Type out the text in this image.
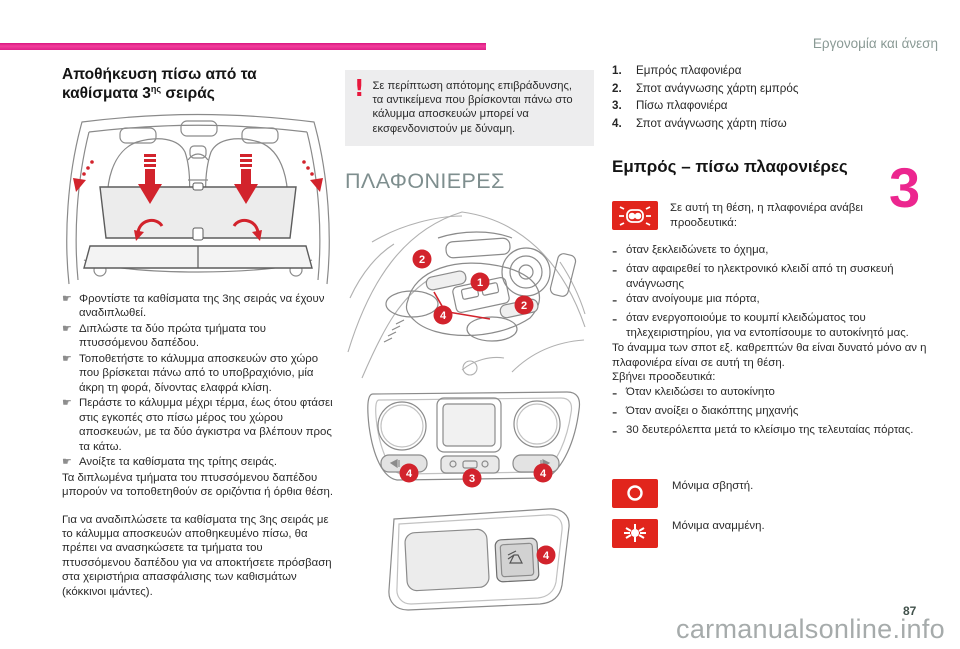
Εργονομία και άνεση
3
Αποθήκευση πίσω από τα καθίσματα $3^{\eta\varsigma}$ σειράς
☛ Φροντίστε τα καθίσματα της 3ης σειράς να έχουν αναδιπλωθεί.
☛ Διπλώστε τα δύο πρώτα τμήματα του πτυσσόμενου δαπέδου.
☛ Τοποθετήστε το κάλυμμα αποσκευών στο χώρο που βρίσκεται πάνω από το υποβραχιόνιο, μία άκρη τη φορά, δίνοντας ελαφρά κλίση.
☛ Περάστε το κάλυμμα μέχρι τέρμα, έως ότου φτάσει στις εγκοπές στο πίσω μέρος του χώρου αποσκευών, με τα δύο άγκιστρα να βλέπουν προς τα κάτω.
☛ Ανοίξτε τα καθίσματα της τρίτης σειράς.

Τα διπλωμένα τμήματα του πτυσσόμενου δαπέδου μπορούν να τοποθετηθούν σε οριζόντια ή όρθια θέση.

Για να αναδιπλώσετε τα καθίσματα της 3ης σειράς με το κάλυμμα αποσκευών αποθηκευμένο πίσω, θα πρέπει να ανασηκώσετε τα τμήματα του πτυσσόμενου δαπέδου για να αποκτήσετε πρόσβαση στα χειριστήρια απασφάλισης των καθισμάτων (κόκκινοι ιμάντες).

! Σε περίπτωση απότομης επιβράδυνσης, τα αντικείμενα που βρίσκονται πάνω στο κάλυμμα αποσκευών μπορεί να εκσφενδονιστούν με δύναμη.
ΠΛΑΦΟΝΙΕΡΕΣ
2
1
2
4
4	3	4
4
1.	Εμπρός πλαφονιέρα
2.	Σποτ ανάγνωσης χάρτη εμπρός
3.	Πίσω πλαφονιέρα
4.	Σποτ ανάγνωσης χάρτη πίσω
Εμπρός – πίσω πλαφονιέρες
Σε αυτή τη θέση, η πλαφονιέρα ανάβει προοδευτικά:
- όταν ξεκλειδώνετε το όχημα,
- όταν αφαιρεθεί το ηλεκτρονικό κλειδί από τη συσκευή ανάγνωσης
- όταν ανοίγουμε μια πόρτα,
- όταν ενεργοποιούμε το κουμπί κλειδώματος του τηλεχειριστηρίου, για να εντοπίσουμε το αυτοκίνητό μας.

Το άναμμα των σποτ εξ. καθρεπτών θα είναι δυνατό μόνο αν η πλαφονιέρα είναι σε αυτή τη θέση.

Σβήνει προοδευτικά:

- Όταν κλειδώσει το αυτοκίνητο
- Όταν ανοίξει ο διακόπτης μηχανής
- 30 δευτερόλεπτα μετά το κλείσιμο της τελευταίας πόρτας.
Μόνιμα σβηστή.
Μόνιμα αναμμένη.
87
carmanualsonline.info
